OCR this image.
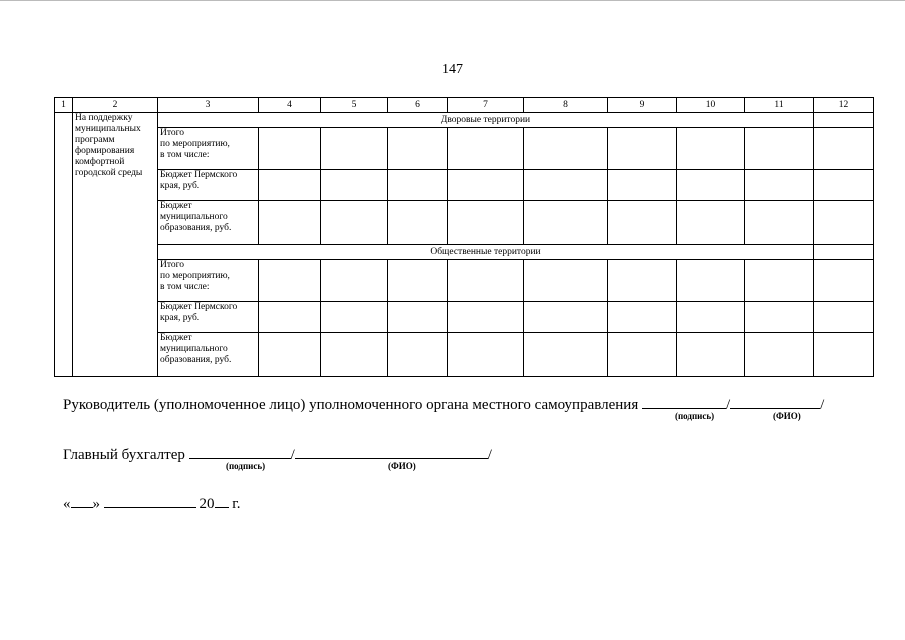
147
1	2	3	4	5	6	7	8	9	10	11	12
	На поддержку муниципальных программ формирования комфортной городской среды	Дворовые территории									
		Итого
по мероприятию,
в том числе:									
		Бюджет Пермского края, руб.									
		Бюджет муниципального образования, руб.									
		Общественные территории									
		Итого
по мероприятию,
в том числе:									
		Бюджет Пермского края, руб.									
		Бюджет муниципального образования, руб.									
Руководитель (уполномоченное лицо) уполномоченного органа местного самоуправления	/	/
(подпись)	(ФИО)
Главный бухгалтер	/	/
(подпись)	(ФИО)
« »	20 г.
